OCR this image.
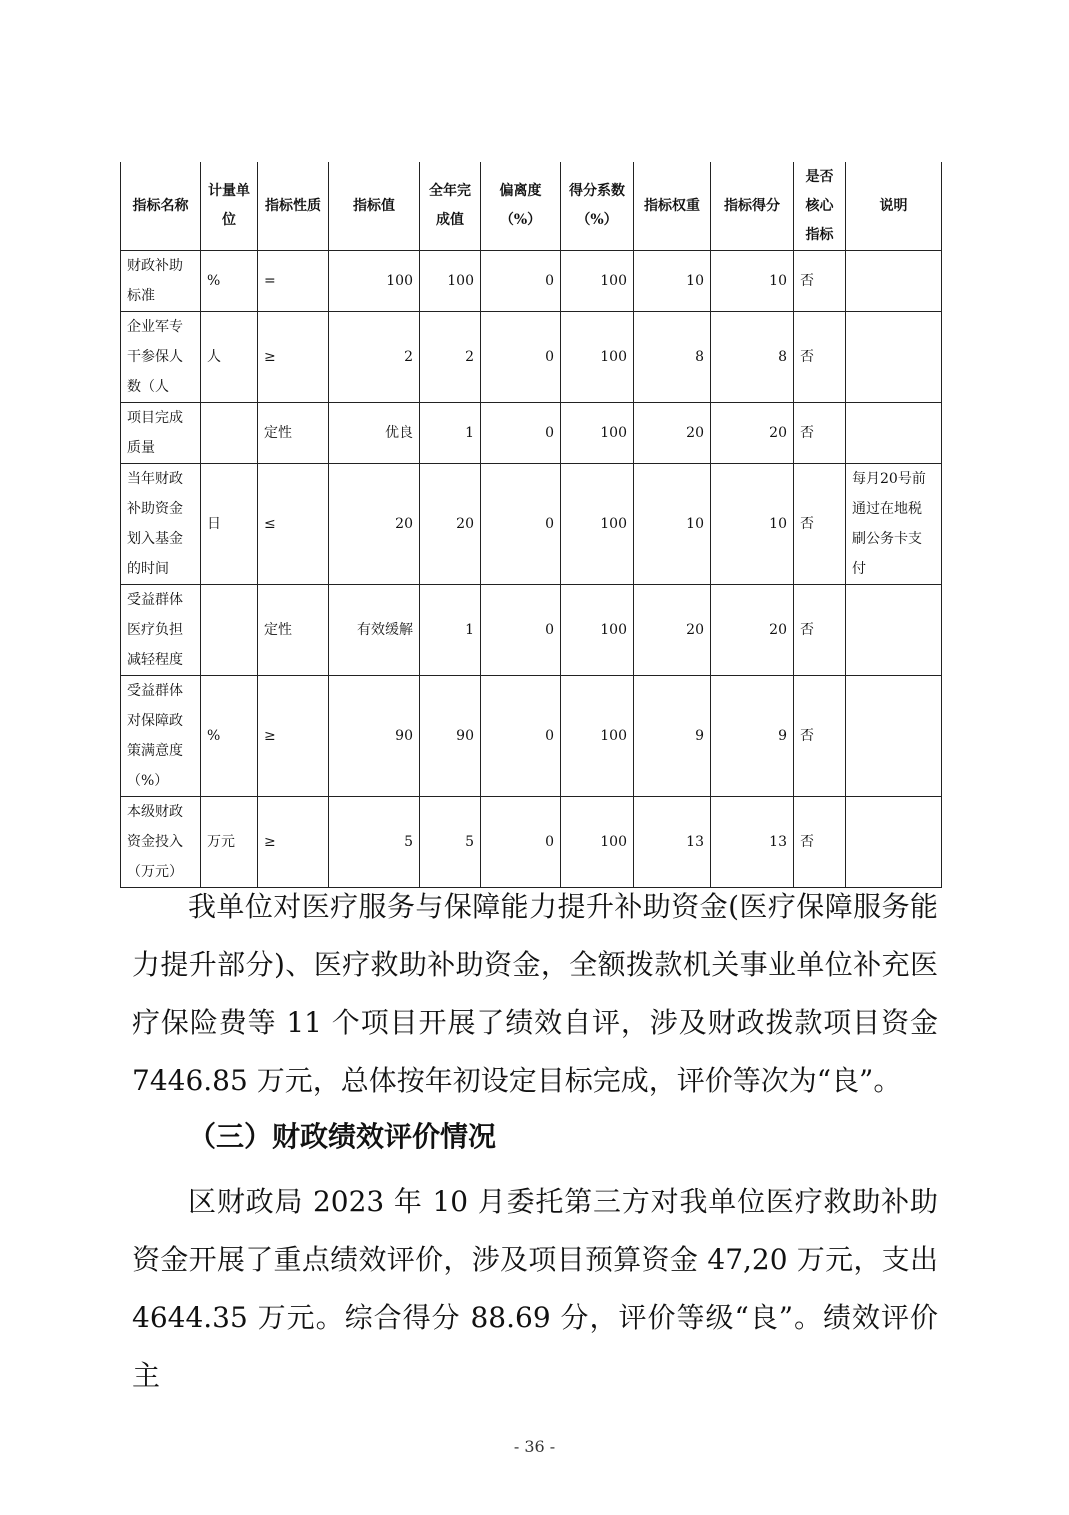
指标名称	计量单位	指标性质	指标值	全年完成值	偏离度（%）	得分系数（%）	指标权重	指标得分	是否核心指标	说明
财政补助标准	%	=	100	100	0	100	10	10	否	
企业军专干参保人数（人	人	≥	2	2	0	100	8	8	否	
项目完成质量		定性	优良	1	0	100	20	20	否	
当年财政补助资金划入基金的时间	日	≤	20	20	0	100	10	10	否	每月20号前通过在地税刷公务卡支付
受益群体医疗负担减轻程度		定性	有效缓解	1	0	100	20	20	否	
受益群体对保障政策满意度（%）	%	≥	90	90	0	100	9	9	否	
本级财政资金投入（万元）	万元	≥	5	5	0	100	13	13	否	

我单位对医疗服务与保障能力提升补助资金(医疗保障服务能力提升部分)、医疗救助补助资金，全额拨款机关事业单位补充医疗保险费等 11 个项目开展了绩效自评，涉及财政拨款项目资金7446.85 万元，总体按年初设定目标完成，评价等次为“良”。

（三）财政绩效评价情况

区财政局 2023 年 10 月委托第三方对我单位医疗救助补助资金开展了重点绩效评价，涉及项目预算资金 47,20 万元，支出4644.35 万元。综合得分 88.69 分，评价等级“良”。绩效评价主

- 36 -
